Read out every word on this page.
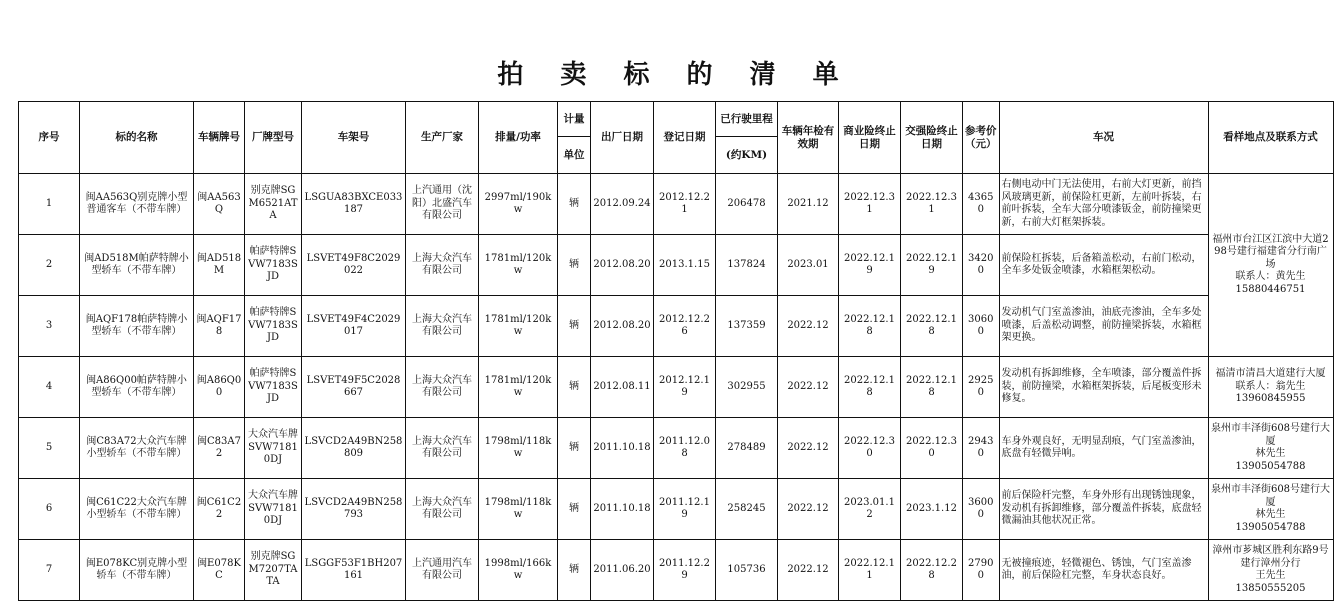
拍 卖 标 的 清 单
序号	标的名称	车辆牌号	厂牌型号	车架号	生产厂家	排量/功率	计量	出厂日期	登记日期	已行驶里程	车辆年检有效期	商业险终止日期	交强险终止日期	参考价（元）	车况	看样地点及联系方式
							单位			(约KM)						
1	闽AA563Q别克牌小型普通客车（不带车牌）	闽AA563Q	别克牌SGM6521ATA	LSGUA83BXCE033187	上汽通用（沈阳）北盛汽车有限公司	2997ml/190kw	辆	2012.09.24	2012.12.21	206478	2021.12	2022.12.31	2022.12.31	43650	右侧电动中门无法使用，右前大灯更新，前挡风玻璃更新，前保险杠更新，左前叶拆装，右前叶拆装，全车大部分喷漆钣金，前防撞梁更新，右前大灯框架拆装。	福州市台江区江滨中大道298号建行福建省分行南广场
联系人：黄先生
15880446751

2	闽AD518M帕萨特牌小型轿车（不带车牌）	闽AD518M	帕萨特牌SVW7183SJD	LSVET49F8C2029022	上海大众汽车有限公司	1781ml/120kw	辆	2012.08.20	2013.1.15	137824	2023.01	2022.12.19	2022.12.19	34200	前保险杠拆装，后备箱盖松动，右前门松动，全车多处钣金喷漆，水箱框架松动。	
3	闽AQF178帕萨特牌小型轿车（不带车牌）	闽AQF178	帕萨特牌SVW7183SJD	LSVET49F4C2029017	上海大众汽车有限公司	1781ml/120kw	辆	2012.08.20	2012.12.26	137359	2022.12	2022.12.18	2022.12.18	30600	发动机气门室盖渗油，油底壳渗油，全车多处喷漆，后盖松动调整，前防撞梁拆装，水箱框架更换。	
4	闽A86Q00帕萨特牌小型轿车（不带车牌）	闽A86Q00	帕萨特牌SVW7183SJD	LSVET49F5C2028667	上海大众汽车有限公司	1781ml/120kw	辆	2012.08.11	2012.12.19	302955	2022.12	2022.12.18	2022.12.18	29250	发动机有拆卸维修，全车喷漆，部分覆盖件拆装，前防撞梁，水箱框架拆装，后尾板变形未修复。	福清市清昌大道建行大厦
联系人：翁先生
13960845955

5	闽C83A72大众汽车牌小型轿车（不带车牌）	闽C83A72	大众汽车牌SVW71810DJ	LSVCD2A49BN258809	上海大众汽车有限公司	1798ml/118kw	辆	2011.10.18	2011.12.08	278489	2022.12	2022.12.30	2022.12.30	29430	车身外观良好，无明显刮痕，气门室盖渗油，底盘有轻微异响。	泉州市丰泽街608号建行大厦
林先生
13905054788

6	闽C61C22大众汽车牌小型轿车（不带车牌）	闽C61C22	大众汽车牌SVW71810DJ	LSVCD2A49BN258793	上海大众汽车有限公司	1798ml/118kw	辆	2011.10.18	2011.12.19	258245	2022.12	2023.01.12	2023.1.12	36000	前后保险杆完整，车身外形有出现锈蚀现象，发动机有拆卸维修，部分覆盖件拆装，底盘轻微漏油其他状况正常。	泉州市丰泽街608号建行大厦
林先生
13905054788

7	闽E078KC别克牌小型轿车（不带车牌）	闽E078KC	别克牌SGM7207TATA	LSGGF53F1BH207161	上汽通用汽车有限公司	1998ml/166kw	辆	2011.06.20	2011.12.29	105736	2022.12	2022.12.11	2022.12.28	27900	无被撞痕迹，轻微褪色、锈蚀，气门室盖渗油，前后保险杠完整，车身状态良好。	漳州市芗城区胜利东路9号建行漳州分行
王先生
13850555205
